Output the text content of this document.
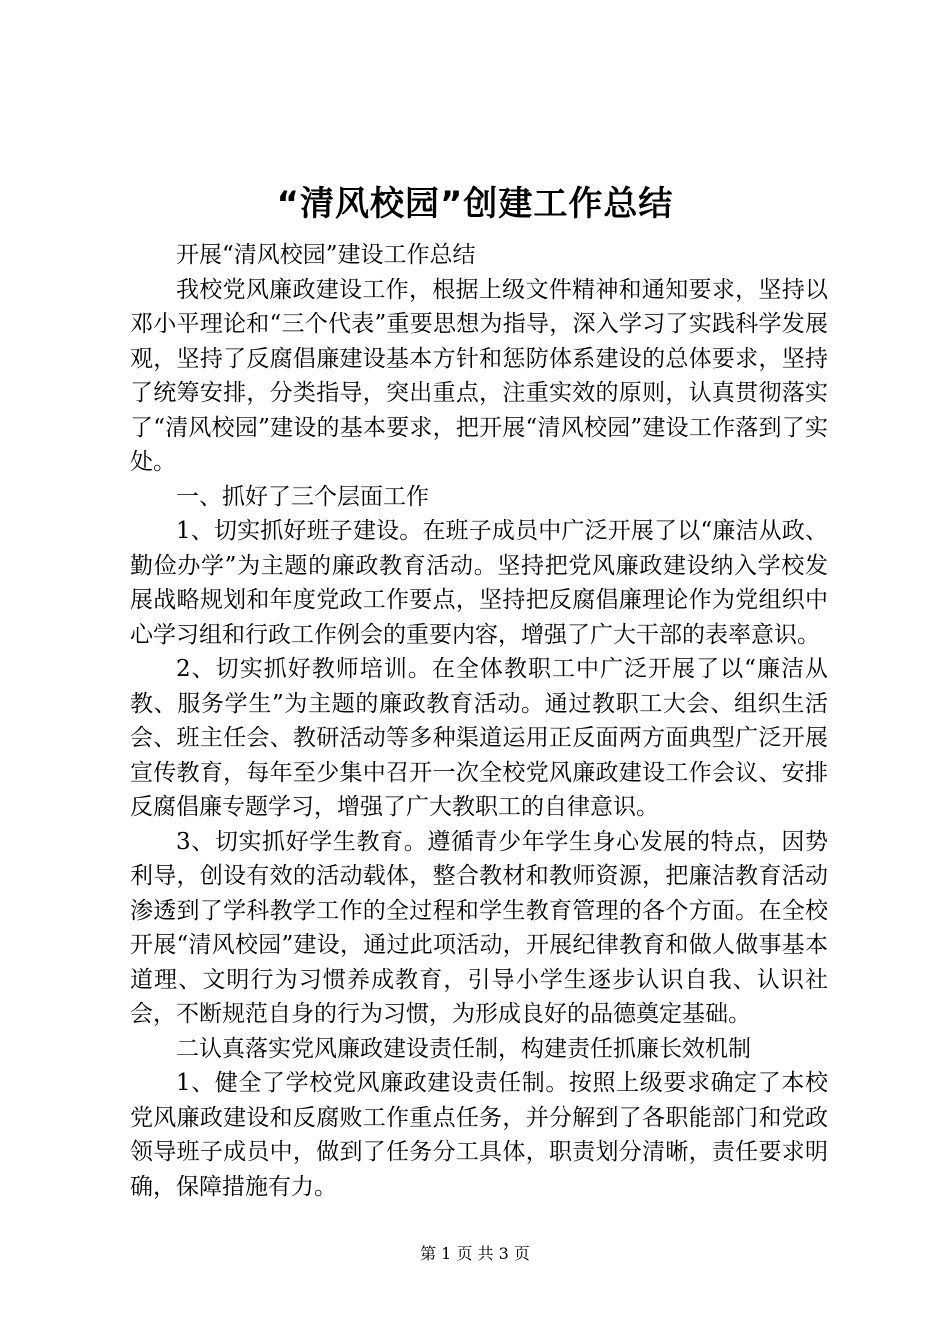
“清风校园”创建工作总结

开展“清风校园”建设工作总结

我校党风廉政建设工作，根据上级文件精神和通知要求，坚持以邓小平理论和“三个代表”重要思想为指导，深入学习了实践科学发展观，坚持了反腐倡廉建设基本方针和惩防体系建设的总体要求，坚持了统筹安排，分类指导，突出重点，注重实效的原则，认真贯彻落实了“清风校园”建设的基本要求，把开展“清风校园”建设工作落到了实处。

一、抓好了三个层面工作

1、切实抓好班子建设。在班子成员中广泛开展了以“廉洁从政、勤俭办学”为主题的廉政教育活动。坚持把党风廉政建设纳入学校发展战略规划和年度党政工作要点，坚持把反腐倡廉理论作为党组织中心学习组和行政工作例会的重要内容，增强了广大干部的表率意识。

2、切实抓好教师培训。在全体教职工中广泛开展了以“廉洁从教、服务学生”为主题的廉政教育活动。通过教职工大会、组织生活会、班主任会、教研活动等多种渠道运用正反面两方面典型广泛开展宣传教育，每年至少集中召开一次全校党风廉政建设工作会议、安排反腐倡廉专题学习，增强了广大教职工的自律意识。

3、切实抓好学生教育。遵循青少年学生身心发展的特点，因势利导，创设有效的活动载体，整合教材和教师资源，把廉洁教育活动渗透到了学科教学工作的全过程和学生教育管理的各个方面。在全校开展“清风校园”建设，通过此项活动，开展纪律教育和做人做事基本道理、文明行为习惯养成教育，引导小学生逐步认识自我、认识社会，不断规范自身的行为习惯，为形成良好的品德奠定基础。

二认真落实党风廉政建设责任制，构建责任抓廉长效机制

1、健全了学校党风廉政建设责任制。按照上级要求确定了本校党风廉政建设和反腐败工作重点任务，并分解到了各职能部门和党政领导班子成员中，做到了任务分工具体，职责划分清晰，责任要求明确，保障措施有力。

第 1 页 共 3 页
